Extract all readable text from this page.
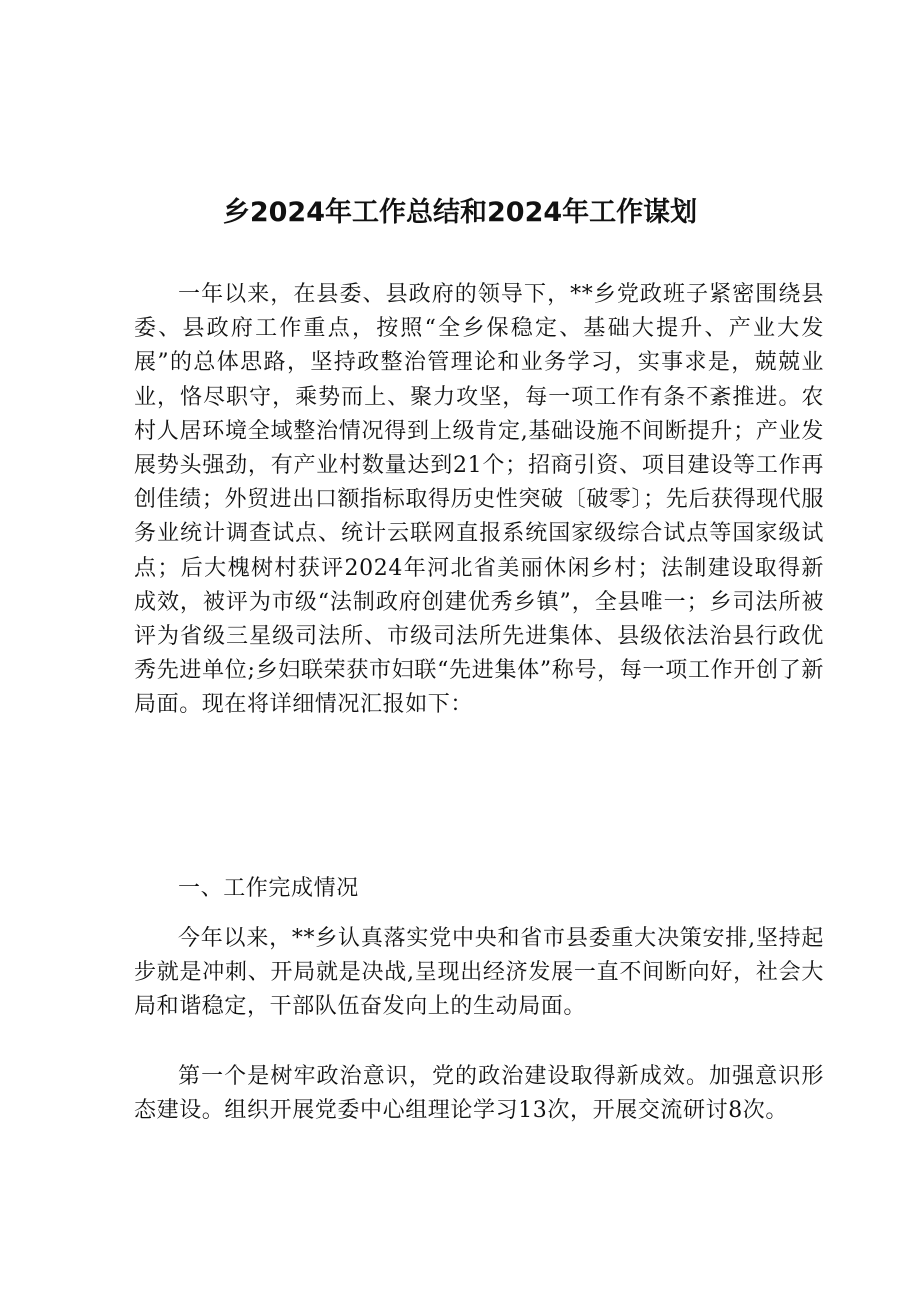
乡2024年工作总结和2024年工作谋划

一年以来，在县委、县政府的领导下，**乡党政班子紧密围绕县委、县政府工作重点，按照“全乡保稳定、基础大提升、产业大发展”的总体思路，坚持政整治管理论和业务学习，实事求是，兢兢业业，恪尽职守，乘势而上、聚力攻坚，每一项工作有条不紊推进。农村人居环境全域整治情况得到上级肯定,基础设施不间断提升；产业发展势头强劲，有产业村数量达到21个；招商引资、项目建设等工作再创佳绩；外贸进出口额指标取得历史性突破〔破零〕；先后获得现代服务业统计调查试点、统计云联网直报系统国家级综合试点等国家级试点；后大槐树村获评2024年河北省美丽休闲乡村；法制建设取得新成效，被评为市级“法制政府创建优秀乡镇”，全县唯一；乡司法所被评为省级三星级司法所、市级司法所先进集体、县级依法治县行政优秀先进单位;乡妇联荣获市妇联“先进集体”称号，每一项工作开创了新局面。现在将详细情况汇报如下：

一、工作完成情况

今年以来，**乡认真落实党中央和省市县委重大决策安排,坚持起步就是冲刺、开局就是决战,呈现出经济发展一直不间断向好，社会大局和谐稳定，干部队伍奋发向上的生动局面。

第一个是树牢政治意识，党的政治建设取得新成效。加强意识形态建设。组织开展党委中心组理论学习13次，开展交流研讨8次。
